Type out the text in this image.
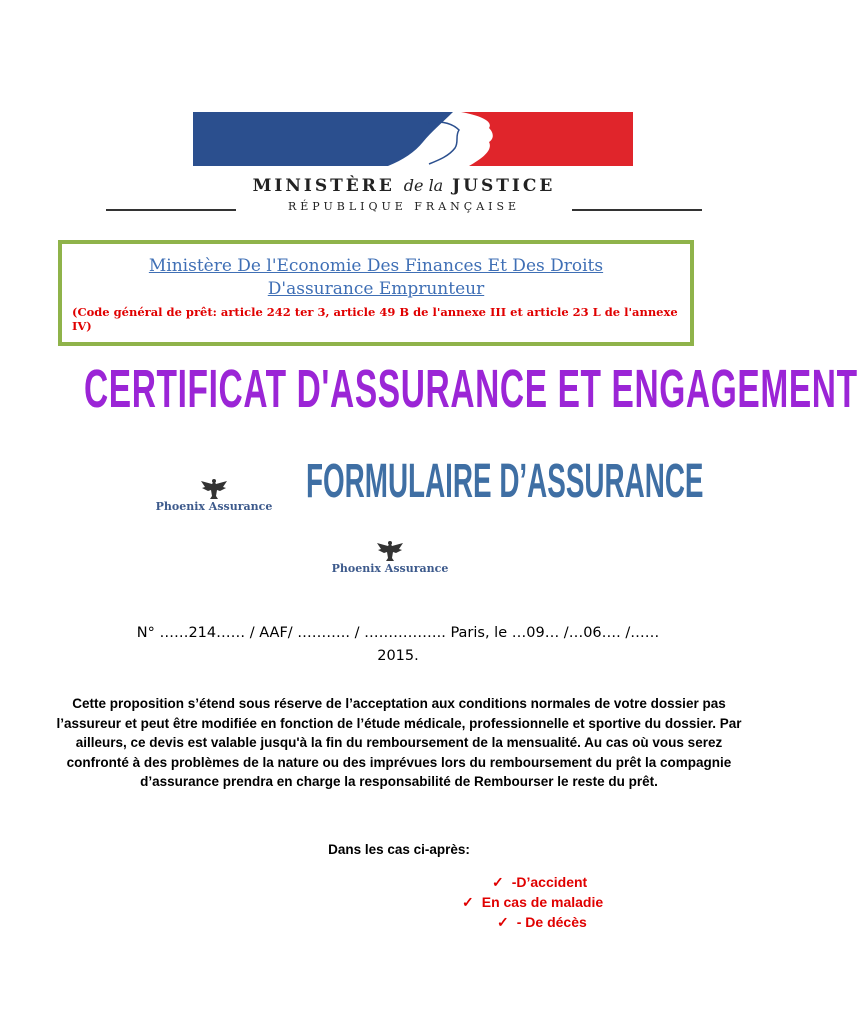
MINISTÈRE de la JUSTICE
RÉPUBLIQUE FRANÇAISE
Ministère De l'Economie Des Finances Et Des Droits
D'assurance Emprunteur
(Code général de prêt: article 242 ter 3, article 49 B de l'annexe III et article 23 L de l'annexe IV)
CERTIFICAT D'ASSURANCE ET ENGAGEMENT
Phoenix Assurance FORMULAIRE D’ASSURANCE
Phoenix Assurance
N° ……214…… / AAF/ ……….. / …………….. Paris, le …09… /…06…. /……
2015.
Cette proposition s’étend sous réserve de l’acceptation aux conditions normales de votre dossier pas l’assureur et peut être modifiée en fonction de l’étude médicale, professionnelle et sportive du dossier. Par ailleurs, ce devis est valable jusqu'à la fin du remboursement de la mensualité. Au cas où vous serez confronté à des problèmes de la nature ou des imprévues lors du remboursement du prêt la compagnie d’assurance prendra en charge la responsabilité de Rembourser le reste du prêt.
Dans les cas ci-après:
✓ -D’accident
✓ En cas de maladie
✓ - De décès
